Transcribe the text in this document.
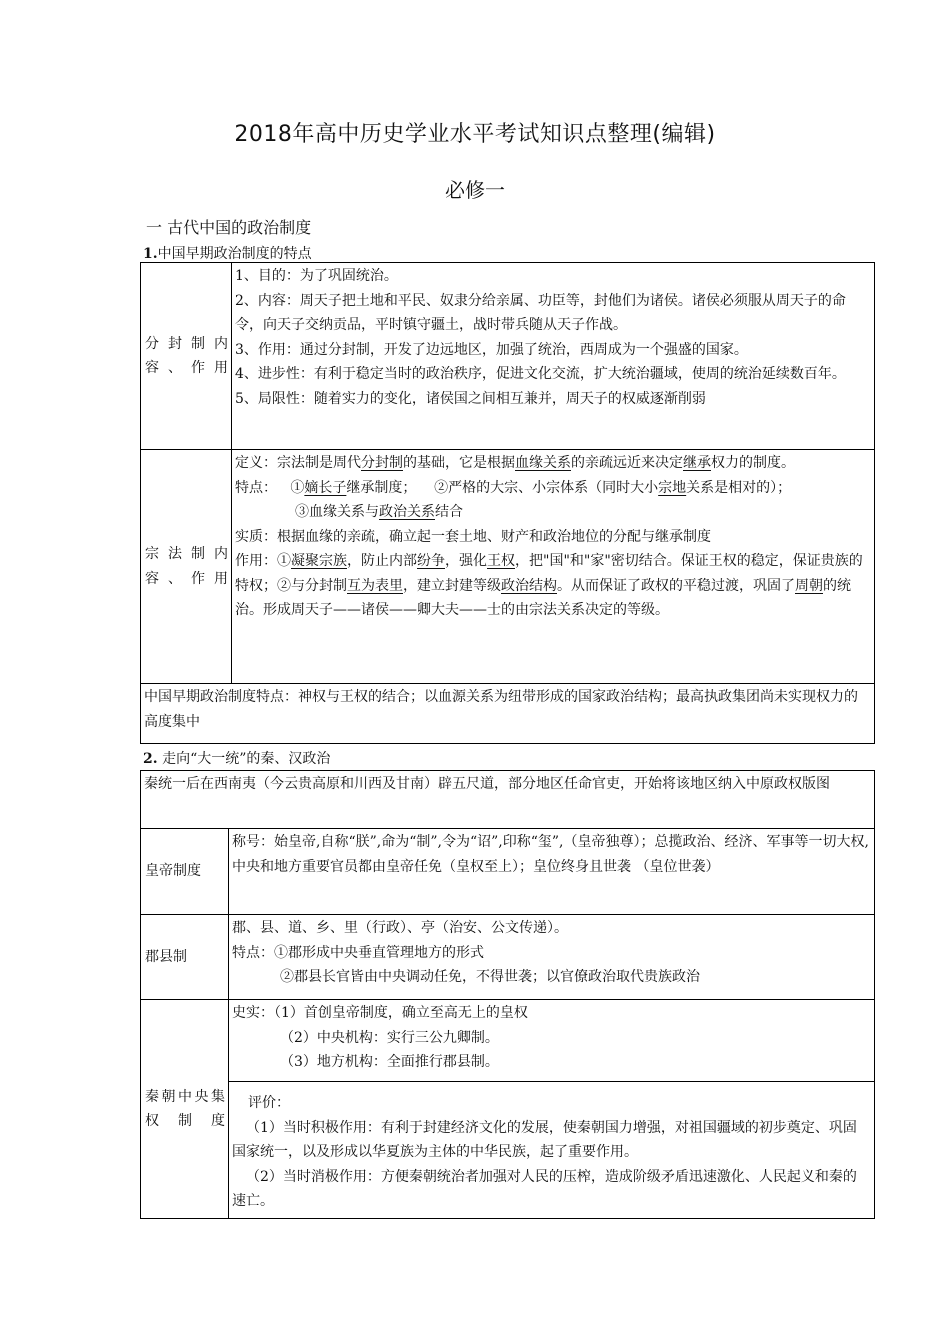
2018年高中历史学业水平考试知识点整理(编辑)
必修一
一 古代中国的政治制度
1.中国早期政治制度的特点
分封制内容、作用	1、目的：为了巩固统治。
2、内容：周天子把土地和平民、奴隶分给亲属、功臣等，封他们为诸侯。诸侯必须服从周天子的命令，向天子交纳贡品，平时镇守疆土，战时带兵随从天子作战。
3、作用：通过分封制，开发了边远地区，加强了统治，西周成为一个强盛的国家。
4、进步性：有利于稳定当时的政治秩序，促进文化交流，扩大统治疆域，使周的统治延续数百年。
5、局限性：随着实力的变化，诸侯国之间相互兼并，周天子的权威逐渐削弱

宗法制内容、作用	定义：宗法制是周代分封制的基础，它是根据血缘关系的亲疏远近来决定继承权力的制度。
特点：   ①嫡长子继承制度；    ②严格的大宗、小宗体系（同时大小宗地关系是相对的）；
③血缘关系与政治关系结合
实质：根据血缘的亲疏，确立起一套土地、财产和政治地位的分配与继承制度
作用：①凝聚宗族，防止内部纷争，强化王权，把"国"和"家"密切结合。保证王权的稳定，保证贵族的特权；②与分封制互为表里，建立封建等级政治结构。从而保证了政权的平稳过渡，巩固了周朝的统治。形成周天子——诸侯——卿大夫——士的由宗法关系决定的等级。

中国早期政治制度特点：神权与王权的结合；以血源关系为纽带形成的国家政治结构；最高执政集团尚未实现权力的高度集中	
2. 走向“大一统”的秦、汉政治
秦统一后在西南夷（今云贵高原和川西及甘南）辟五尺道，部分地区任命官吏，开始将该地区纳入中原政权版图	
皇帝制度	称号：始皇帝,自称“朕”,命为“制”,令为“诏”,印称“玺”,（皇帝独尊）；总揽政治、经济、军事等一切大权,中央和地方重要官员都由皇帝任免（皇权至上）；皇位终身且世袭 （皇位世袭）
郡县制	郡、县、道、乡、里（行政）、亭（治安、公文传递）。
特点：①郡形成中央垂直管理地方的形式
②郡县长官皆由中央调动任免，不得世袭；以官僚政治取代贵族政治

秦朝中央集权制度	史实：（1）首创皇帝制度，确立至高无上的皇权
（2）中央机构：实行三公九卿制。
（3）地方机构：全面推行郡县制。

	评价：
（1）当时积极作用：有利于封建经济文化的发展，使秦朝国力增强，对祖国疆域的初步奠定、巩固国家统一，以及形成以华夏族为主体的中华民族，起了重要作用。
（2）当时消极作用：方便秦朝统治者加强对人民的压榨，造成阶级矛盾迅速激化、人民起义和秦的速亡。
